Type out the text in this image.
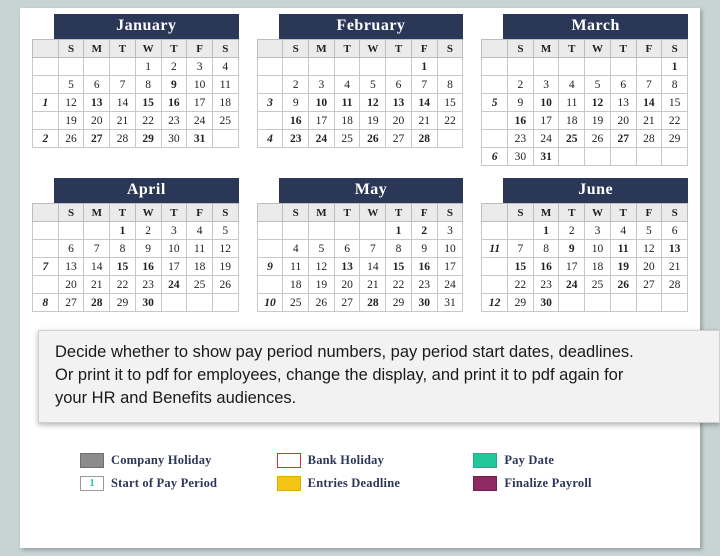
January
	S	M	T	W	T	F	S
				1	2	3	4
	5	6	7	8	9	10	11
1	12	13	14	15	16	17	18
	19	20	21	22	23	24	25
2	26	27	28	29	30	31	
February
	S	M	T	W	T	F	S
						1	
	2	3	4	5	6	7	8
3	9	10	11	12	13	14	15
	16	17	18	19	20	21	22
4	23	24	25	26	27	28	
March
	S	M	T	W	T	F	S
							1
	2	3	4	5	6	7	8
5	9	10	11	12	13	14	15
	16	17	18	19	20	21	22
	23	24	25	26	27	28	29
6	30	31					
April
	S	M	T	W	T	F	S
			1	2	3	4	5
	6	7	8	9	10	11	12
7	13	14	15	16	17	18	19
	20	21	22	23	24	25	26
8	27	28	29	30			
May
	S	M	T	W	T	F	S
					1	2	3
	4	5	6	7	8	9	10
9	11	12	13	14	15	16	17
	18	19	20	21	22	23	24
10	25	26	27	28	29	30	31
June
	S	M	T	W	T	F	S
		1	2	3	4	5	6
11	7	8	9	10	11	12	13
	15	16	17	18	19	20	21
	22	23	24	25	26	27	28
12	29	30					

Decide whether to show pay period numbers, pay period start dates, deadlines.

Or print it to pdf for employees, change the display, and print it to pdf again for

your HR and Benefits audiences.

Company Holiday	Bank Holiday	Pay Date
1	Start of Pay Period	Entries Deadline	Finalize Payroll
